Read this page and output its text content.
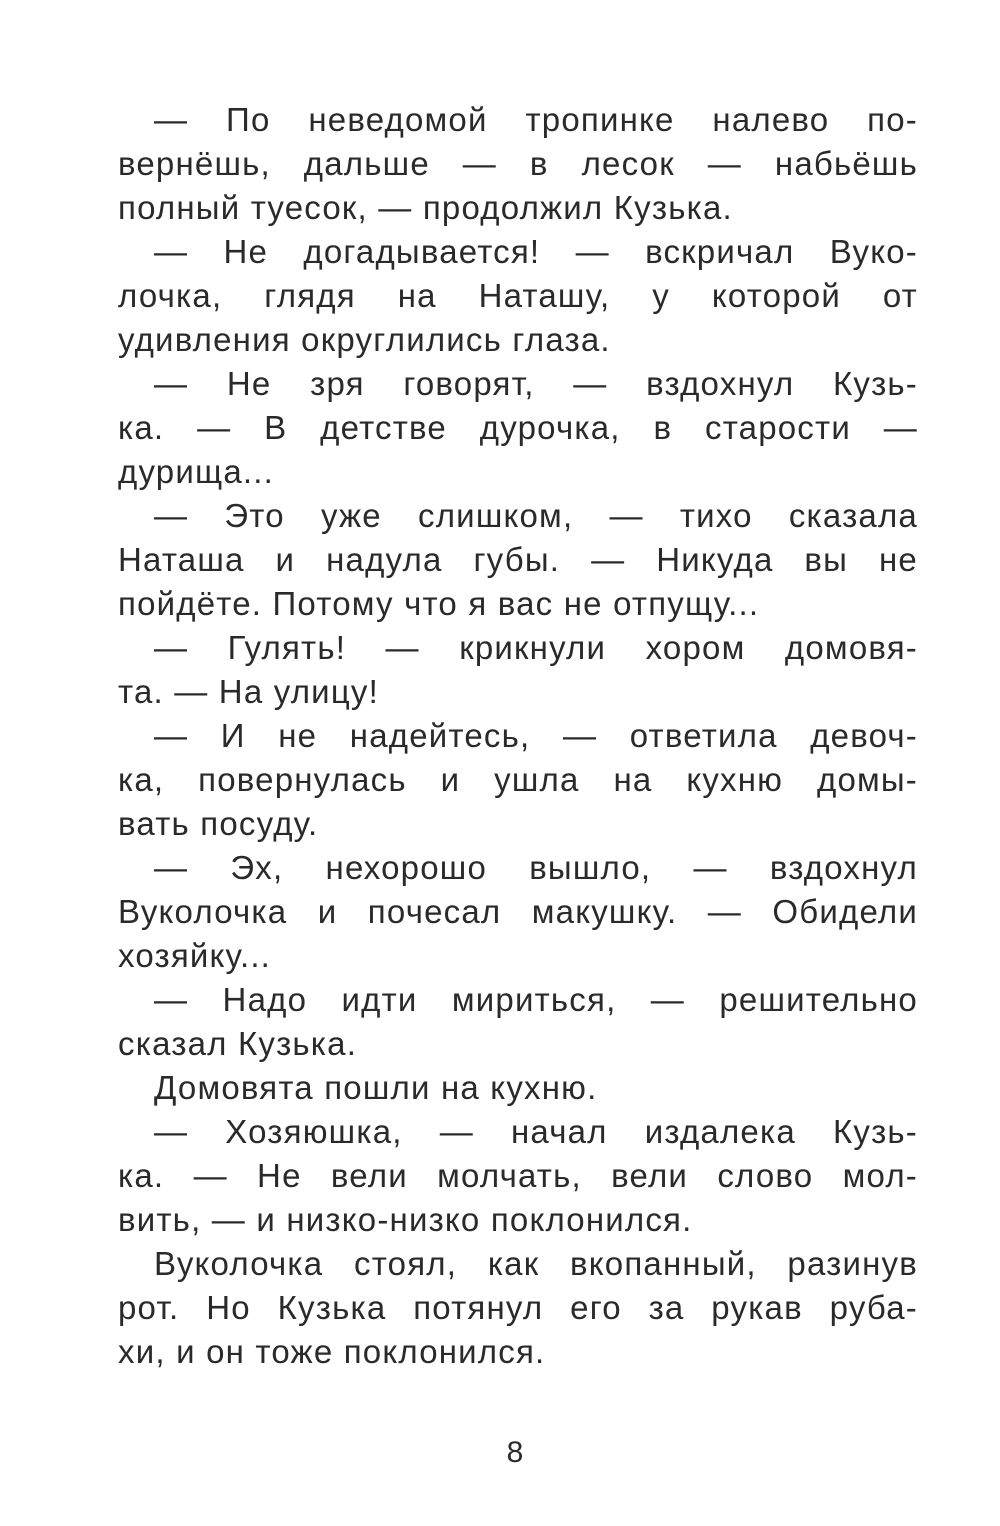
— По неведомой тропинке налево по-
вернёшь, дальше — в лесок — набьёшь
полный туесок, — продолжил Кузька.

— Не догадывается! — вскричал Вуко-
лочка, глядя на Наташу, у которой от
удивления округлились глаза.

— Не зря говорят, — вздохнул Кузь-
ка. — В детстве дурочка, в старости —
дурища...

— Это уже слишком, — тихо сказала
Наташа и надула губы. — Никуда вы не
пойдёте. Потому что я вас не отпущу...

— Гулять! — крикнули хором домовя-
та. — На улицу!

— И не надейтесь, — ответила девоч-
ка, повернулась и ушла на кухню домы-
вать посуду.

— Эх, нехорошо вышло, — вздохнул
Вуколочка и почесал макушку. — Обидели
хозяйку...

— Надо идти мириться, — решительно
сказал Кузька.

Домовята пошли на кухню.

— Хозяюшка, — начал издалека Кузь-
ка. — Не вели молчать, вели слово мол-
вить, — и низко-низко поклонился.

Вуколочка стоял, как вкопанный, разинув
рот. Но Кузька потянул его за рукав руба-
хи, и он тоже поклонился.

8
